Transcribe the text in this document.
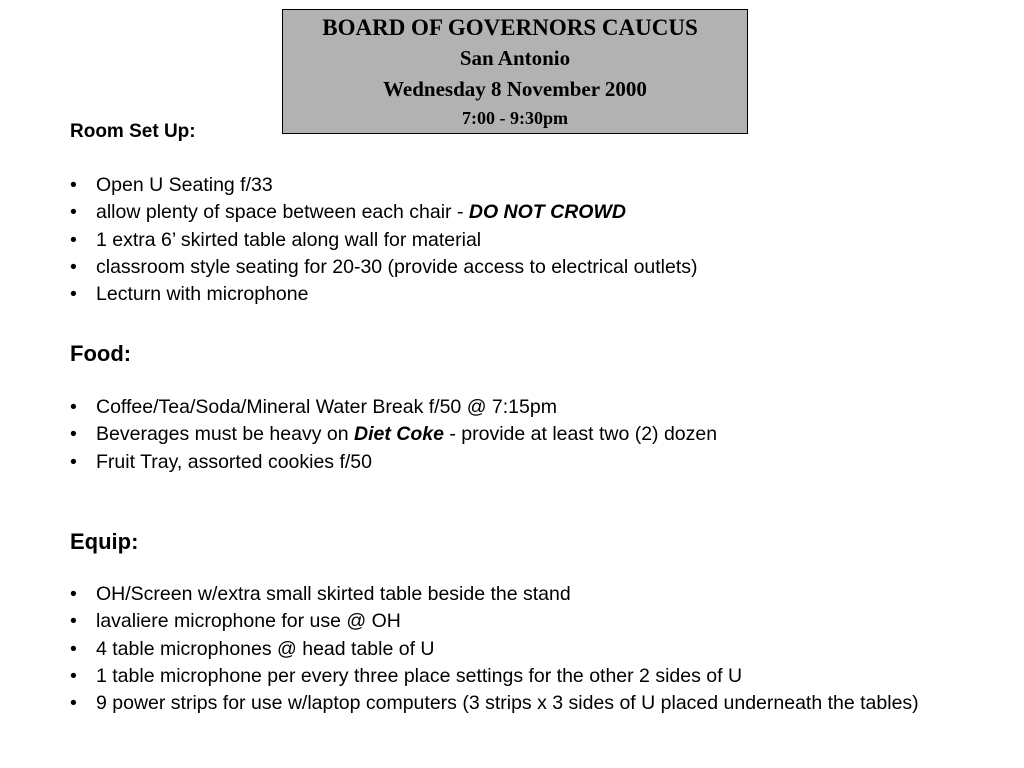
BOARD OF GOVERNORS CAUCUS
San Antonio
Wednesday 8 November 2000
7:00 - 9:30pm
Room Set Up:
• Open U Seating f/33
• allow plenty of space between each chair - DO NOT CROWD
• 1 extra 6’ skirted table along wall for material
• classroom style seating for 20-30 (provide access to electrical outlets)
• Lecturn with microphone
Food:
• Coffee/Tea/Soda/Mineral Water Break f/50 @ 7:15pm
• Beverages must be heavy on Diet Coke - provide at least two (2) dozen
• Fruit Tray, assorted cookies f/50
Equip:
• OH/Screen w/extra small skirted table beside the stand
• lavaliere microphone for use @ OH
• 4 table microphones @ head table of U
• 1 table microphone per every three place settings for the other 2 sides of U
• 9 power strips for use w/laptop computers (3 strips x 3 sides of U placed underneath the tables)
